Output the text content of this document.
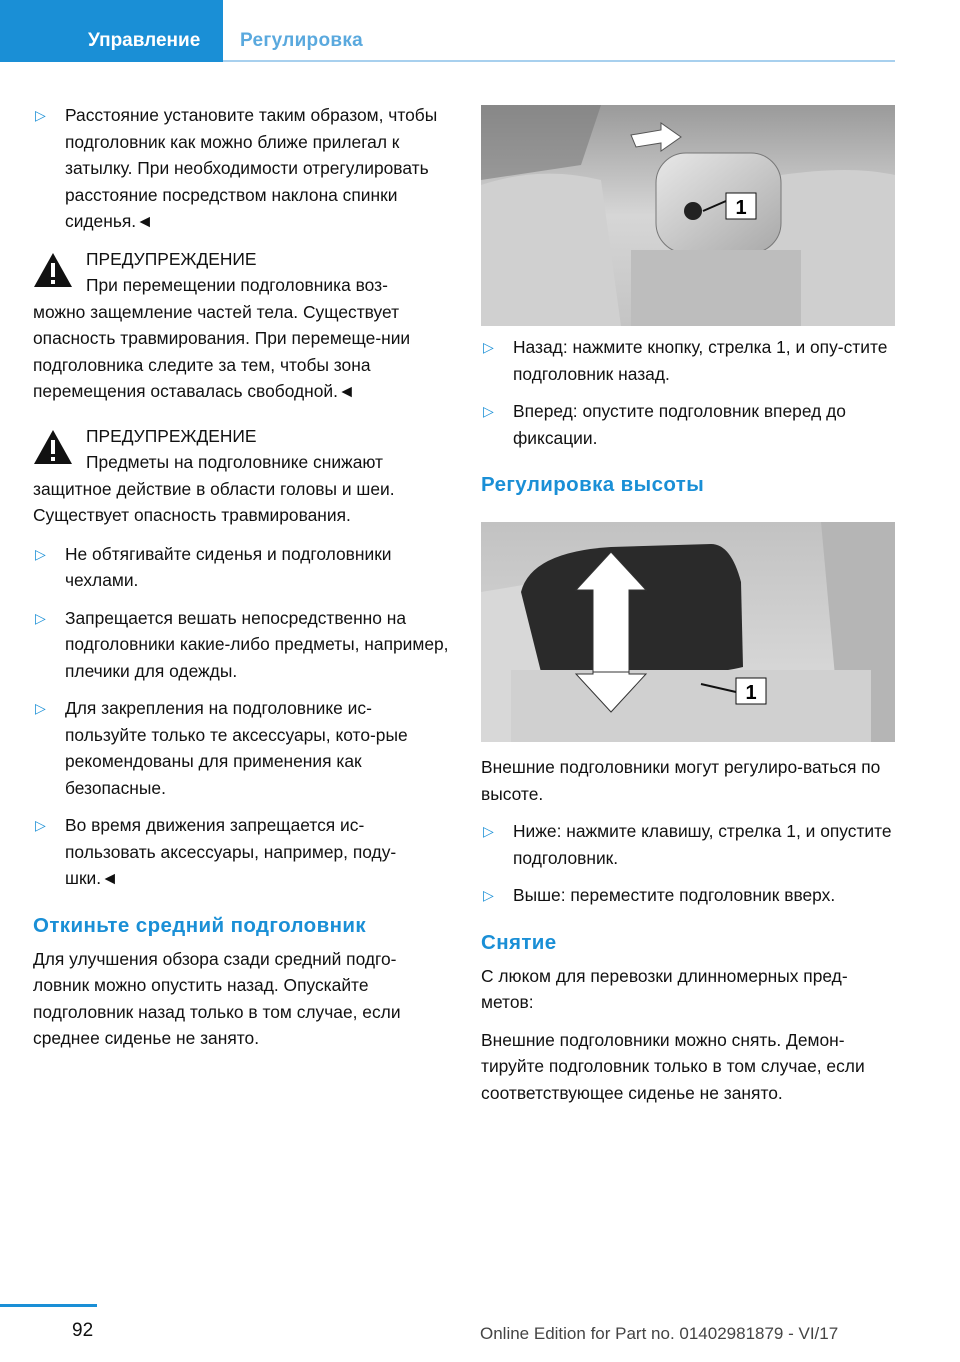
Управление Регулировка
▷ Расстояние установите таким образом, чтобы подголовник как можно ближе прилегал к затылку. При необходимости отрегулировать расстояние посредством наклона спинки сиденья.◄
ПРЕДУПРЕЖДЕНИЕ
При перемещении подголовника воз-
можно защемление частей тела. Существует опасность травмирования. При перемеще-нии подголовника следите за тем, чтобы зона перемещения оставалась свободной.◄
ПРЕДУПРЕЖДЕНИЕ
Предметы на подголовнике снижают
защитное действие в области головы и шеи. Существует опасность травмирования.
▷ Не обтягивайте сиденья и подголовники чехлами.
▷ Запрещается вешать непосредственно на подголовники какие-либо предметы, например, плечики для одежды.
▷ Для закрепления на подголовнике ис-пользуйте только те аксессуары, кото-рые рекомендованы для применения как безопасные.
▷ Во время движения запрещается ис-пользовать аксессуары, например, поду-шки.◄
Откиньте средний подголовник
Для улучшения обзора сзади средний подго-ловник можно опустить назад. Опускайте подголовник назад только в том случае, если среднее сиденье не занято.
1
1
▷ Назад: нажмите кнопку, стрелка 1, и опу-стите подголовник назад.
▷ Вперед: опустите подголовник вперед до фиксации.
Регулировка высоты
Внешние подголовники могут регулиро-ваться по высоте.
▷ Ниже: нажмите клавишу, стрелка 1, и опустите подголовник.
▷ Выше: переместите подголовник вверх.
Снятие
С люком для перевозки длинномерных пред-метов:
Внешние подголовники можно снять. Демон-тируйте подголовник только в том случае, если соответствующее сиденье не занято.
92	Online Edition for Part no. 01402981879 - VI/17
